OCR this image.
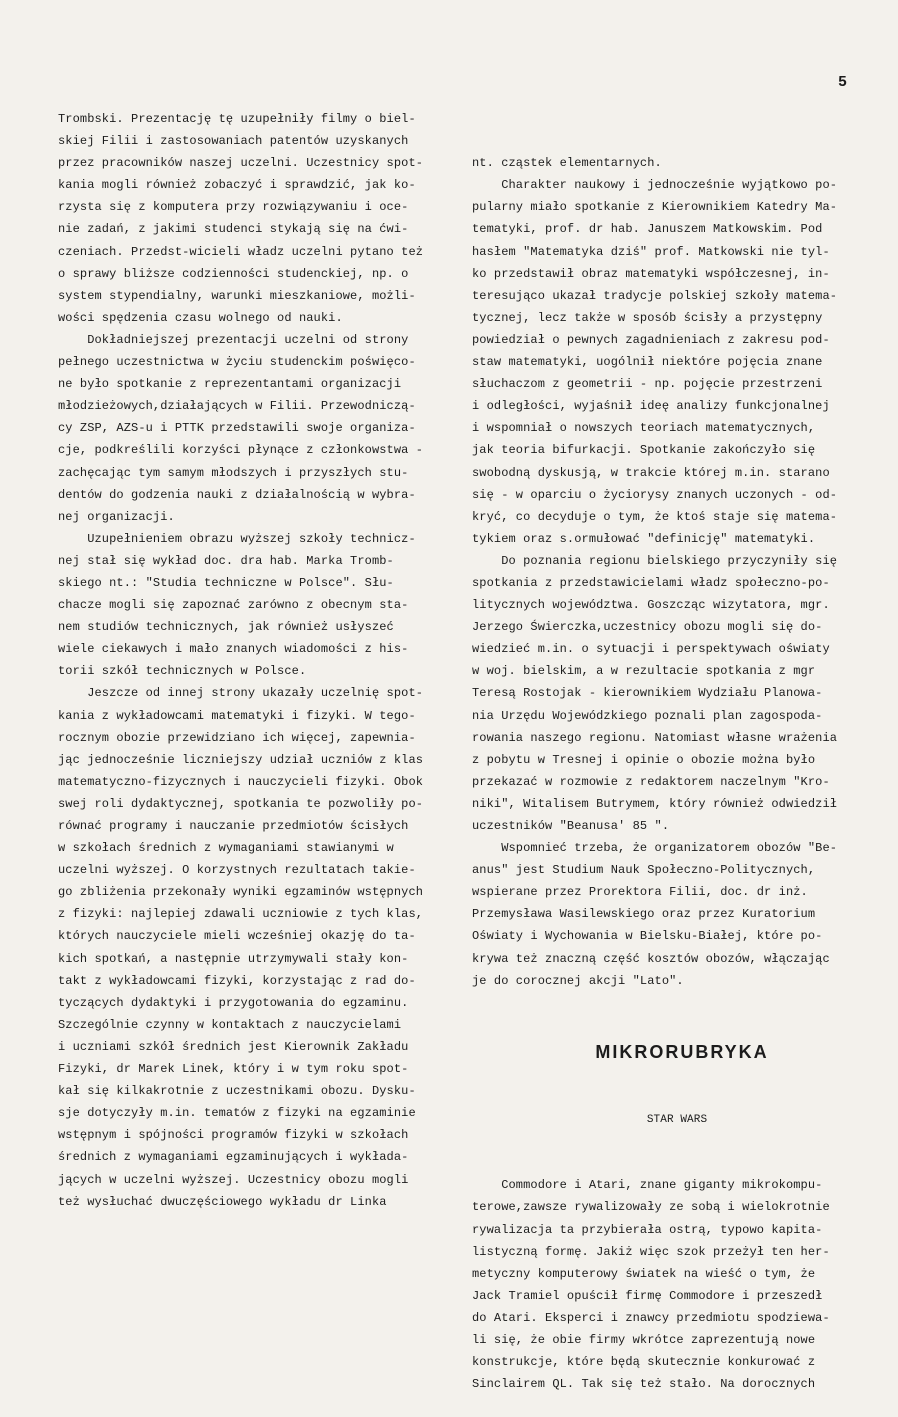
5
Trombski. Prezentację tę uzupełniły filmy o biel-
skiej Filii i zastosowaniach patentów uzyskanych
przez pracowników naszej uczelni. Uczestnicy spot-
kania mogli również zobaczyć i sprawdzić, jak ko-
rzysta się z komputera przy rozwiązywaniu i oce-
nie zadań, z jakimi studenci stykają się na ćwi-
czeniach. Przedst-wicieli władz uczelni pytano też
o sprawy bliższe codzienności studenckiej, np. o
system stypendialny, warunki mieszkaniowe, możli-
wości spędzenia czasu wolnego od nauki.
Dokładniejszej prezentacji uczelni od strony
pełnego uczestnictwa w życiu studenckim poświęco-
ne było spotkanie z reprezentantami organizacji
młodzieżowych,działających w Filii. Przewodniczą-
cy ZSP, AZS-u i PTTK przedstawili swoje organiza-
cje, podkreślili korzyści płynące z członkowstwa -
zachęcając tym samym młodszych i przyszłych stu-
dentów do godzenia nauki z działalnością w wybra-
nej organizacji.
Uzupełnieniem obrazu wyższej szkoły technicz-
nej stał się wykład doc. dra hab. Marka Tromb-
skiego nt.: "Studia techniczne w Polsce". Słu-
chacze mogli się zapoznać zarówno z obecnym sta-
nem studiów technicznych, jak również usłyszeć
wiele ciekawych i mało znanych wiadomości z his-
torii szkół technicznych w Polsce.
Jeszcze od innej strony ukazały uczelnię spot-
kania z wykładowcami matematyki i fizyki. W tego-
rocznym obozie przewidziano ich więcej, zapewnia-
jąc jednocześnie liczniejszy udział uczniów z klas
matematyczno-fizycznych i nauczycieli fizyki. Obok
swej roli dydaktycznej, spotkania te pozwoliły po-
równać programy i nauczanie przedmiotów ścisłych
w szkołach średnich z wymaganiami stawianymi w
uczelni wyższej. O korzystnych rezultatach takie-
go zbliżenia przekonały wyniki egzaminów wstępnych
z fizyki: najlepiej zdawali uczniowie z tych klas,
których nauczyciele mieli wcześniej okazję do ta-
kich spotkań, a następnie utrzymywali stały kon-
takt z wykładowcami fizyki, korzystając z rad do-
tyczących dydaktyki i przygotowania do egzaminu.
Szczególnie czynny w kontaktach z nauczycielami
i uczniami szkół średnich jest Kierownik Zakładu
Fizyki, dr Marek Linek, który i w tym roku spot-
kał się kilkakrotnie z uczestnikami obozu. Dysku-
sje dotyczyły m.in. tematów z fizyki na egzaminie
wstępnym i spójności programów fizyki w szkołach
średnich z wymaganiami egzaminujących i wykłada-
jących w uczelni wyższej. Uczestnicy obozu mogli
też wysłuchać dwuczęściowego wykładu dr Linka

nt. cząstek elementarnych.
Charakter naukowy i jednocześnie wyjątkowo po-
pularny miało spotkanie z Kierownikiem Katedry Ma-
tematyki, prof. dr hab. Januszem Matkowskim. Pod
hasłem "Matematyka dziś" prof. Matkowski nie tyl-
ko przedstawił obraz matematyki współczesnej, in-
teresująco ukazał tradycje polskiej szkoły matema-
tycznej, lecz także w sposób ścisły a przystępny
powiedział o pewnych zagadnieniach z zakresu pod-
staw matematyki, uogólnił niektóre pojęcia znane
słuchaczom z geometrii - np. pojęcie przestrzeni
i odległości, wyjaśnił ideę analizy funkcjonalnej
i wspomniał o nowszych teoriach matematycznych,
jak teoria bifurkacji. Spotkanie zakończyło się
swobodną dyskusją, w trakcie której m.in. starano
się - w oparciu o życiorysy znanych uczonych - od-
kryć, co decyduje o tym, że ktoś staje się matema-
tykiem oraz s.ormułować "definicję" matematyki.
Do poznania regionu bielskiego przyczyniły się
spotkania z przedstawicielami władz społeczno-po-
litycznych województwa. Goszcząc wizytatora, mgr.
Jerzego Świerczka,uczestnicy obozu mogli się do-
wiedzieć m.in. o sytuacji i perspektywach oświaty
w woj. bielskim, a w rezultacie spotkania z mgr
Teresą Rostojak - kierownikiem Wydziału Planowa-
nia Urzędu Wojewódzkiego poznali plan zagospoda-
rowania naszego regionu. Natomiast własne wrażenia
z pobytu w Tresnej i opinie o obozie można było
przekazać w rozmowie z redaktorem naczelnym "Kro-
niki", Witalisem Butrymem, który również odwiedził
uczestników "Beanusa' 85 ".
Wspomnieć trzeba, że organizatorem obozów "Be-
anus" jest Studium Nauk Społeczno-Politycznych,
wspierane przez Prorektora Filii, doc. dr inż.
Przemysława Wasilewskiego oraz przez Kuratorium
Oświaty i Wychowania w Bielsku-Białej, które po-
krywa też znaczną część kosztów obozów, włączając
je do corocznej akcji "Lato".

MIKRORUBRYKA

STAR WARS

Commodore i Atari, znane giganty mikrokompu-
terowe,zawsze rywalizowały ze sobą i wielokrotnie
rywalizacja ta przybierała ostrą, typowo kapita-
listyczną formę. Jakiż więc szok przeżył ten her-
metyczny komputerowy światek na wieść o tym, że
Jack Tramiel opuścił firmę Commodore i przeszedł
do Atari. Eksperci i znawcy przedmiotu spodziewa-
li się, że obie firmy wkrótce zaprezentują nowe
konstrukcje, które będą skutecznie konkurować z
Sinclairem QL. Tak się też stało. Na dorocznych
